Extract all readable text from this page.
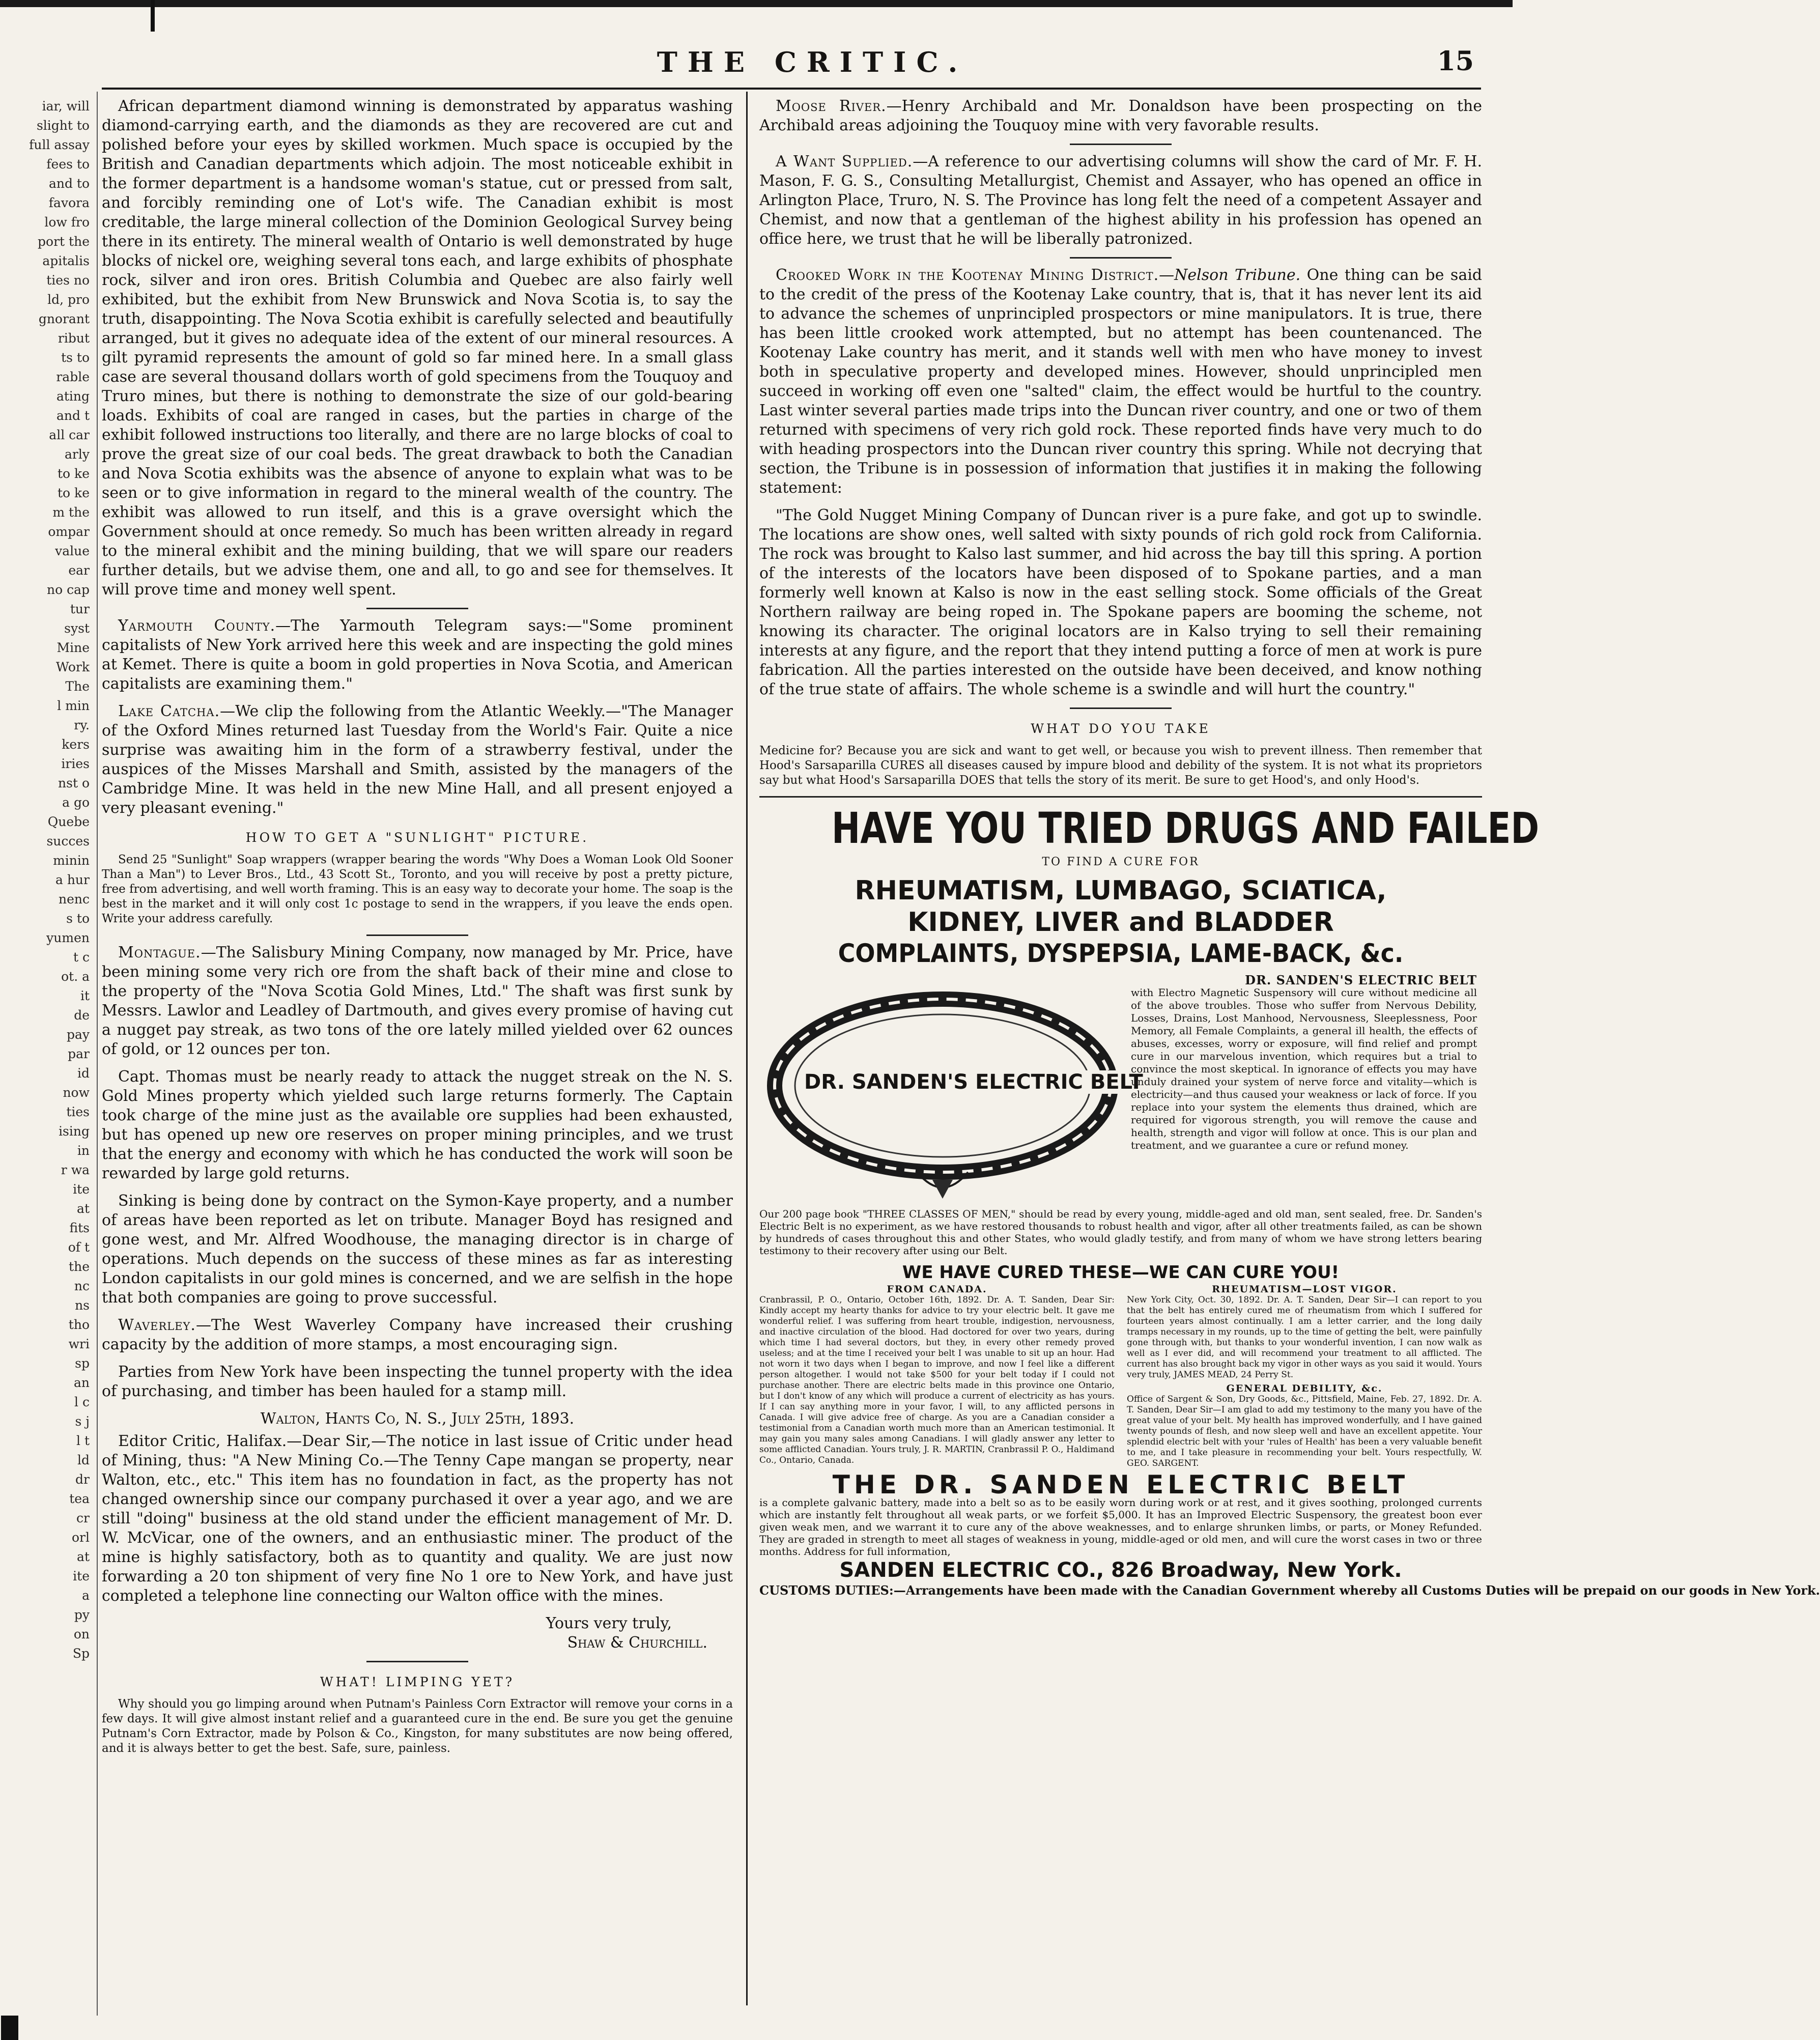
THE CRITIC.	15
iar, will
slight to
full assay
fees to
and to
favora
low fro
port the
apitalis
ties no
ld, pro
gnorant
ribut
ts to
rable
ating
and t
all car
arly
to ke
to ke
m the
ompar
value
ear
no cap
tur
syst
Mine
Work
The
l min
ry.
kers
iries
nst o
a go
Quebe
succes
minin
a hur
nenc
s to
yumen
t c
ot. a
it
de
pay
par
id
now
ties
ising
in
r wa
ite
at
fits
of t
the
nc
ns
tho
wri
sp
an
l c
s j
l t
ld
dr
tea
cr
orl
at
ite
a
py
on
Sp

African department diamond winning is demonstrated by apparatus washing diamond-carrying earth, and the diamonds as they are recovered are cut and polished before your eyes by skilled workmen. Much space is occupied by the British and Canadian departments which adjoin. The most noticeable exhibit in the former department is a handsome woman's statue, cut or pressed from salt, and forcibly reminding one of Lot's wife. The Canadian exhibit is most creditable, the large mineral collection of the Dominion Geological Survey being there in its entirety. The mineral wealth of Ontario is well demonstrated by huge blocks of nickel ore, weighing several tons each, and large exhibits of phosphate rock, silver and iron ores. British Columbia and Quebec are also fairly well exhibited, but the exhibit from New Brunswick and Nova Scotia is, to say the truth, disappointing. The Nova Scotia exhibit is carefully selected and beautifully arranged, but it gives no adequate idea of the extent of our mineral resources. A gilt pyramid represents the amount of gold so far mined here. In a small glass case are several thousand dollars worth of gold specimens from the Touquoy and Truro mines, but there is nothing to demonstrate the size of our gold-bearing loads. Exhibits of coal are ranged in cases, but the parties in charge of the exhibit followed instructions too literally, and there are no large blocks of coal to prove the great size of our coal beds. The great drawback to both the Canadian and Nova Scotia exhibits was the absence of anyone to explain what was to be seen or to give information in regard to the mineral wealth of the country. The exhibit was allowed to run itself, and this is a grave oversight which the Government should at once remedy. So much has been written already in regard to the mineral exhibit and the mining building, that we will spare our readers further details, but we advise them, one and all, to go and see for themselves. It will prove time and money well spent.

Yarmouth County.—The Yarmouth Telegram says:—"Some prominent capitalists of New York arrived here this week and are inspecting the gold mines at Kemet. There is quite a boom in gold properties in Nova Scotia, and American capitalists are examining them."

Lake Catcha.—We clip the following from the Atlantic Weekly.—"The Manager of the Oxford Mines returned last Tuesday from the World's Fair. Quite a nice surprise was awaiting him in the form of a strawberry festival, under the auspices of the Misses Marshall and Smith, assisted by the managers of the Cambridge Mine. It was held in the new Mine Hall, and all present enjoyed a very pleasant evening."

HOW TO GET A "SUNLIGHT" PICTURE.

Send 25 "Sunlight" Soap wrappers (wrapper bearing the words "Why Does a Woman Look Old Sooner Than a Man") to Lever Bros., Ltd., 43 Scott St., Toronto, and you will receive by post a pretty picture, free from advertising, and well worth framing. This is an easy way to decorate your home. The soap is the best in the market and it will only cost 1c postage to send in the wrappers, if you leave the ends open. Write your address carefully.

Montague.—The Salisbury Mining Company, now managed by Mr. Price, have been mining some very rich ore from the shaft back of their mine and close to the property of the "Nova Scotia Gold Mines, Ltd." The shaft was first sunk by Messrs. Lawlor and Leadley of Dartmouth, and gives every promise of having cut a nugget pay streak, as two tons of the ore lately milled yielded over 62 ounces of gold, or 12 ounces per ton.

Capt. Thomas must be nearly ready to attack the nugget streak on the N. S. Gold Mines property which yielded such large returns formerly. The Captain took charge of the mine just as the available ore supplies had been exhausted, but has opened up new ore reserves on proper mining principles, and we trust that the energy and economy with which he has conducted the work will soon be rewarded by large gold returns.

Sinking is being done by contract on the Symon-Kaye property, and a number of areas have been reported as let on tribute. Manager Boyd has resigned and gone west, and Mr. Alfred Woodhouse, the managing director is in charge of operations. Much depends on the success of these mines as far as interesting London capitalists in our gold mines is concerned, and we are selfish in the hope that both companies are going to prove successful.

Waverley.—The West Waverley Company have increased their crushing capacity by the addition of more stamps, a most encouraging sign.

Parties from New York have been inspecting the tunnel property with the idea of purchasing, and timber has been hauled for a stamp mill.

Walton, Hants Co, N. S., July 25th, 1893.

Editor Critic, Halifax.—Dear Sir,—The notice in last issue of Critic under head of Mining, thus: "A New Mining Co.—The Tenny Cape mangan se property, near Walton, etc., etc." This item has no foundation in fact, as the property has not changed ownership since our company purchased it over a year ago, and we are still "doing" business at the old stand under the efficient management of Mr. D. W. McVicar, one of the owners, and an enthusiastic miner. The product of the mine is highly satisfactory, both as to quantity and quality. We are just now forwarding a 20 ton shipment of very fine No 1 ore to New York, and have just completed a telephone line connecting our Walton office with the mines.

Yours very truly,

Shaw & Churchill.

WHAT! LIMPING YET?

Why should you go limping around when Putnam's Painless Corn Extractor will remove your corns in a few days. It will give almost instant relief and a guaranteed cure in the end. Be sure you get the genuine Putnam's Corn Extractor, made by Polson & Co., Kingston, for many substitutes are now being offered, and it is always better to get the best. Safe, sure, painless.

Moose River.—Henry Archibald and Mr. Donaldson have been prospecting on the Archibald areas adjoining the Touquoy mine with very favorable results.

A Want Supplied.—A reference to our advertising columns will show the card of Mr. F. H. Mason, F. G. S., Consulting Metallurgist, Chemist and Assayer, who has opened an office in Arlington Place, Truro, N. S. The Province has long felt the need of a competent Assayer and Chemist, and now that a gentleman of the highest ability in his profession has opened an office here, we trust that he will be liberally patronized.

Crooked Work in the Kootenay Mining District.—Nelson Tribune. One thing can be said to the credit of the press of the Kootenay Lake country, that is, that it has never lent its aid to advance the schemes of unprincipled prospectors or mine manipulators. It is true, there has been little crooked work attempted, but no attempt has been countenanced. The Kootenay Lake country has merit, and it stands well with men who have money to invest both in speculative property and developed mines. However, should unprincipled men succeed in working off even one "salted" claim, the effect would be hurtful to the country. Last winter several parties made trips into the Duncan river country, and one or two of them returned with specimens of very rich gold rock. These reported finds have very much to do with heading prospectors into the Duncan river country this spring. While not decrying that section, the Tribune is in possession of information that justifies it in making the following statement:

"The Gold Nugget Mining Company of Duncan river is a pure fake, and got up to swindle. The locations are show ones, well salted with sixty pounds of rich gold rock from California. The rock was brought to Kalso last summer, and hid across the bay till this spring. A portion of the interests of the locators have been disposed of to Spokane parties, and a man formerly well known at Kalso is now in the east selling stock. Some officials of the Great Northern railway are being roped in. The Spokane papers are booming the scheme, not knowing its character. The original locators are in Kalso trying to sell their remaining interests at any figure, and the report that they intend putting a force of men at work is pure fabrication. All the parties interested on the outside have been deceived, and know nothing of the true state of affairs. The whole scheme is a swindle and will hurt the country."

WHAT DO YOU TAKE

Medicine for? Because you are sick and want to get well, or because you wish to prevent illness. Then remember that Hood's Sarsaparilla CURES all diseases caused by impure blood and debility of the system. It is not what its proprietors say but what Hood's Sarsaparilla DOES that tells the story of its merit. Be sure to get Hood's, and only Hood's.

HAVE YOU TRIED DRUGS AND FAILED
TO FIND A CURE FOR
RHEUMATISM, LUMBAGO, SCIATICA,
KIDNEY, LIVER and BLADDER
COMPLAINTS, DYSPEPSIA, LAME-BACK, &c.
DR. SANDEN'S ELECTRIC BELT
DR. SANDEN'S ELECTRIC BELT
with Electro Magnetic Suspensory will cure without medicine all of the above troubles. Those who suffer from Nervous Debility, Losses, Drains, Lost Manhood, Nervousness, Sleeplessness, Poor Memory, all Female Complaints, a general ill health, the effects of abuses, excesses, worry or exposure, will find relief and prompt cure in our marvelous invention, which requires but a trial to convince the most skeptical. In ignorance of effects you may have unduly drained your system of nerve force and vitality—which is electricity—and thus caused your weakness or lack of force. If you replace into your system the elements thus drained, which are required for vigorous strength, you will remove the cause and health, strength and vigor will follow at once. This is our plan and treatment, and we guarantee a cure or refund money.
Our 200 page book "THREE CLASSES OF MEN," should be read by every young, middle-aged and old man, sent sealed, free. Dr. Sanden's Electric Belt is no experiment, as we have restored thousands to robust health and vigor, after all other treatments failed, as can be shown by hundreds of cases throughout this and other States, who would gladly testify, and from many of whom we have strong letters bearing testimony to their recovery after using our Belt.
WE HAVE CURED THESE—WE CAN CURE YOU!
FROM CANADA.
Cranbrassil, P. O., Ontario, October 16th, 1892. Dr. A. T. Sanden, Dear Sir: Kindly accept my hearty thanks for advice to try your electric belt. It gave me wonderful relief. I was suffering from heart trouble, indigestion, nervousness, and inactive circulation of the blood. Had doctored for over two years, during which time I had several doctors, but they, in every other remedy proved useless; and at the time I received your belt I was unable to sit up an hour. Had not worn it two days when I began to improve, and now I feel like a different person altogether. I would not take $500 for your belt today if I could not purchase another. There are electric belts made in this province one Ontario, but I don't know of any which will produce a current of electricity as has yours. If I can say anything more in your favor, I will, to any afflicted persons in Canada. I will give advice free of charge. As you are a Canadian consider a testimonial from a Canadian worth much more than an American testimonial. It may gain you many sales among Canadians. I will gladly answer any letter to some afflicted Canadian. Yours truly, J. R. MARTIN, Cranbrassil P. O., Haldimand Co., Ontario, Canada.
RHEUMATISM—LOST VIGOR.
New York City, Oct. 30, 1892. Dr. A. T. Sanden, Dear Sir—I can report to you that the belt has entirely cured me of rheumatism from which I suffered for fourteen years almost continually. I am a letter carrier, and the long daily tramps necessary in my rounds, up to the time of getting the belt, were painfully gone through with, but thanks to your wonderful invention, I can now walk as well as I ever did, and will recommend your treatment to all afflicted. The current has also brought back my vigor in other ways as you said it would. Yours very truly, JAMES MEAD, 24 Perry St.
GENERAL DEBILITY, &c.
Office of Sargent & Son, Dry Goods, &c., Pittsfield, Maine, Feb. 27, 1892. Dr. A. T. Sanden, Dear Sir—I am glad to add my testimony to the many you have of the great value of your belt. My health has improved wonderfully, and I have gained twenty pounds of flesh, and now sleep well and have an excellent appetite. Your splendid electric belt with your 'rules of Health' has been a very valuable benefit to me, and I take pleasure in recommending your belt. Yours respectfully, W. GEO. SARGENT.
THE DR. SANDEN ELECTRIC BELT
is a complete galvanic battery, made into a belt so as to be easily worn during work or at rest, and it gives soothing, prolonged currents which are instantly felt throughout all weak parts, or we forfeit $5,000. It has an Improved Electric Suspensory, the greatest boon ever given weak men, and we warrant it to cure any of the above weaknesses, and to enlarge shrunken limbs, or parts, or Money Refunded. They are graded in strength to meet all stages of weakness in young, middle-aged or old men, and will cure the worst cases in two or three months. Address for full information,
SANDEN ELECTRIC CO., 826 Broadway, New York.
CUSTOMS DUTIES:—Arrangements have been made with the Canadian Government whereby all Customs Duties will be prepaid on our goods in New York.
